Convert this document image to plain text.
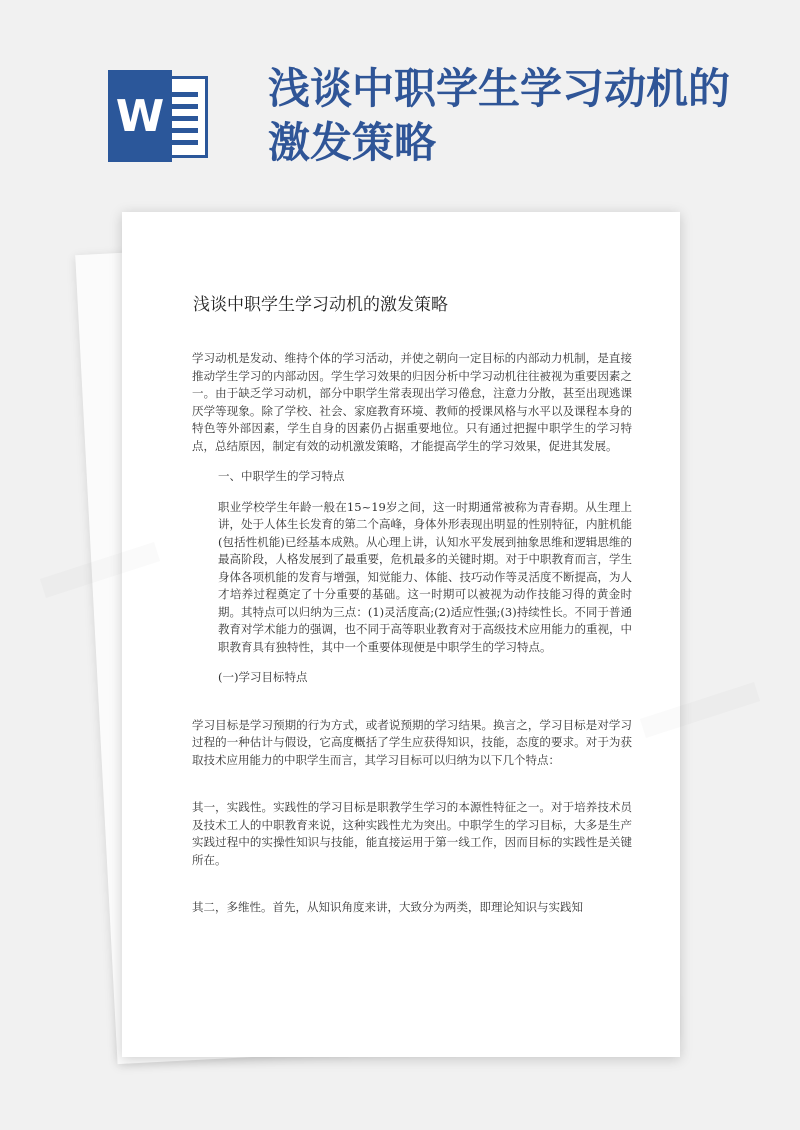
W
浅谈中职学生学习动机的激发策略
浅谈中职学生学习动机的激发策略

学习动机是发动、维持个体的学习活动，并使之朝向一定目标的内部动力机制，是直接推动学生学习的内部动因。学生学习效果的归因分析中学习动机往往被视为重要因素之一。由于缺乏学习动机，部分中职学生常表现出学习倦怠，注意力分散，甚至出现逃课厌学等现象。除了学校、社会、家庭教育环境、教师的授课风格与水平以及课程本身的特色等外部因素，学生自身的因素仍占据重要地位。只有通过把握中职学生的学习特点，总结原因，制定有效的动机激发策略，才能提高学生的学习效果，促进其发展。

一、中职学生的学习特点

职业学校学生年龄一般在15~19岁之间，这一时期通常被称为青春期。从生理上讲，处于人体生长发育的第二个高峰，身体外形表现出明显的性别特征，内脏机能(包括性机能)已经基本成熟。从心理上讲，认知水平发展到抽象思维和逻辑思维的最高阶段，人格发展到了最重要，危机最多的关键时期。对于中职教育而言，学生身体各项机能的发育与增强，知觉能力、体能、技巧动作等灵活度不断提高，为人才培养过程奠定了十分重要的基础。这一时期可以被视为动作技能习得的黄金时期。其特点可以归纳为三点：(1)灵活度高;(2)适应性强;(3)持续性长。不同于普通教育对学术能力的强调，也不同于高等职业教育对于高级技术应用能力的重视，中职教育具有独特性，其中一个重要体现便是中职学生的学习特点。

(一)学习目标特点

学习目标是学习预期的行为方式，或者说预期的学习结果。换言之，学习目标是对学习过程的一种估计与假设，它高度概括了学生应获得知识，技能，态度的要求。对于为获取技术应用能力的中职学生而言，其学习目标可以归纳为以下几个特点：

其一，实践性。实践性的学习目标是职教学生学习的本源性特征之一。对于培养技术员及技术工人的中职教育来说，这种实践性尤为突出。中职学生的学习目标，大多是生产实践过程中的实操性知识与技能，能直接运用于第一线工作，因而目标的实践性是关键所在。

其二，多维性。首先，从知识角度来讲，大致分为两类，即理论知识与实践知
